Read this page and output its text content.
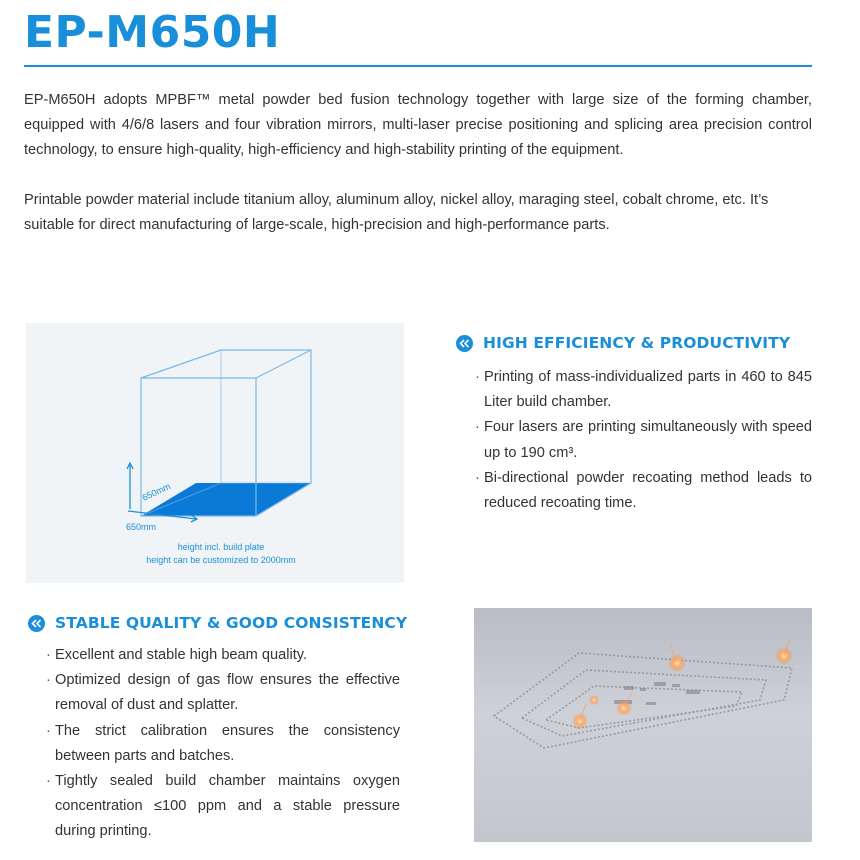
EP-M650H

EP-M650H adopts MPBF™ metal powder bed fusion technology together with large size of the forming chamber, equipped with 4/6/8 lasers and four vibration mirrors, multi-laser precise positioning and splicing area precision control technology, to ensure high-quality, high-efficiency and high-stability printing of the equipment.

Printable powder material include titanium alloy, aluminum alloy, nickel alloy, maraging steel, cobalt chrome, etc. It’s suitable for direct manufacturing of large-scale, high-precision and high-performance parts.

650mm
650mm
height incl. build plate
height can be customized to 2000mm
HIGH EFFICIENCY & PRODUCTIVITY
· Printing of mass-individualized parts in 460 to 845 Liter build chamber.
· Four lasers are printing simultaneously with speed up to 190 cm³.
· Bi-directional powder recoating method leads to reduced recoating time.
STABLE QUALITY & GOOD CONSISTENCY
· Excellent and stable high beam quality.
· Optimized design of gas flow ensures the effective removal of dust and splatter.
· The strict calibration ensures the consistency between parts and batches.
· Tightly sealed build chamber maintains oxygen concentration ≤100 ppm and a stable pressure during printing.
